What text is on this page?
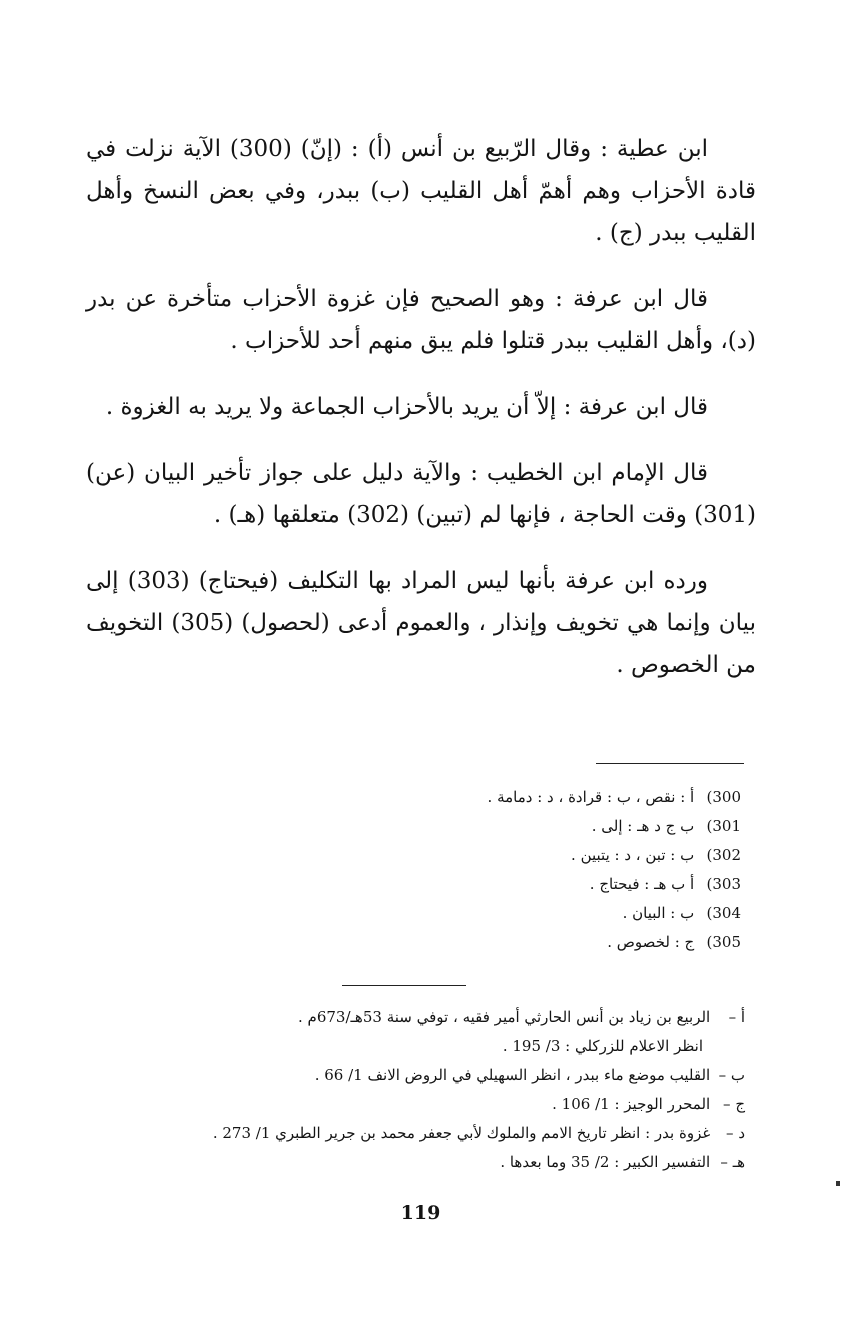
ابن عطية : وقال الرّبيع بن أنس (أ) : (إنّ) (300) الآية نزلت في قادة الأحزاب وهم أهمّ أهل القليب (ب) ببدر، وفي بعض النسخ وأهل القليب ببدر (ج) .

قال ابن عرفة : وهو الصحيح فإن غزوة الأحزاب متأخرة عن بدر (د)، وأهل القليب ببدر قتلوا فلم يبق منهم أحد للأحزاب .

قال ابن عرفة : إلاّ أن يريد بالأحزاب الجماعة ولا يريد به الغزوة .

قال الإمام ابن الخطيب : والآية دليل على جواز تأخير البيان (عن) (301) وقت الحاجة ، فإنها لم (تبين) (302) متعلقها (هـ) .

ورده ابن عرفة بأنها ليس المراد بها التكليف (فيحتاج) (303) إلى بيان وإنما هي تخويف وإنذار ، والعموم أدعى (لحصول) (305) التخويف من الخصوص .

300) أ : نقص ، ب : قرادة ، د : دمامة .
301) ب ج د هـ : إلى .
302) ب : تبن ، د : يتبين .
303) أ ب هـ : فيحتاج .
304) ب : البيان .
305) ج : لخصوص .
أ – الربيع بن زياد بن أنس الحارثي أمير فقيه ، توفي سنة 53هـ/673م .
انظر الاعلام للزركلي : 3/ 195 .
ب – القليب موضع ماء ببدر ، انظر السهيلي في الروض الانف 1/ 66 .
ج – المحرر الوجيز : 1/ 106 .
د – غزوة بدر : انظر تاريخ الامم والملوك لأبي جعفر محمد بن جرير الطبري 1/ 273 .
هـ – التفسير الكبير : 2/ 35 وما بعدها .
119
